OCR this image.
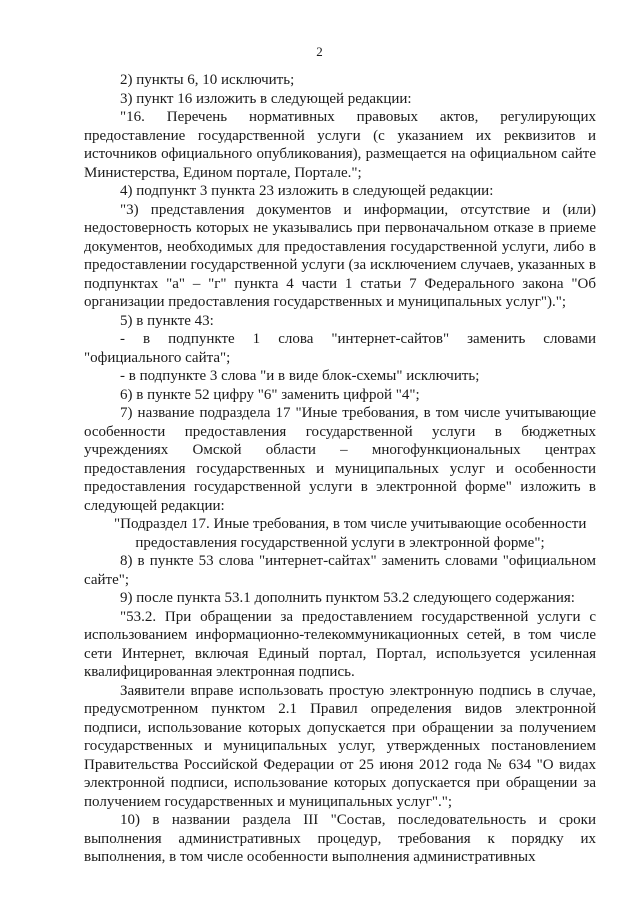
2

2) пункты 6, 10 исключить;

3) пункт 16 изложить в следующей редакции:

"16. Перечень нормативных правовых актов, регулирующих предоставление государственной услуги (с указанием их реквизитов и источников официального опубликования), размещается на официальном сайте Министерства, Едином портале, Портале.";

4) подпункт 3 пункта 23 изложить в следующей редакции:

"3) представления документов и информации, отсутствие и (или) недостоверность которых не указывались при первоначальном отказе в приеме документов, необходимых для предоставления государственной услуги, либо в предоставлении государственной услуги (за исключением случаев, указанных в подпунктах "а" – "г" пункта 4 части 1 статьи 7 Федерального закона "Об организации предоставления государственных и муниципальных услуг").";

5) в пункте 43:

- в подпункте 1 слова "интернет-сайтов" заменить словами "официального сайта";

- в подпункте 3 слова "и в виде блок-схемы" исключить;

6) в пункте 52 цифру "6" заменить цифрой "4";

7) название подраздела 17 "Иные требования, в том числе учитывающие особенности предоставления государственной услуги в бюджетных учреждениях Омской области – многофункциональных центрах предоставления государственных и муниципальных услуг и особенности предоставления государственной услуги в электронной форме" изложить в следующей редакции:

"Подраздел 17. Иные требования, в том числе учитывающие особенности

предоставления государственной услуги в электронной форме";

8) в пункте 53 слова "интернет-сайтах" заменить словами "официальном сайте";

9) после пункта 53.1 дополнить пунктом 53.2 следующего содержания:

"53.2. При обращении за предоставлением государственной услуги с использованием информационно-телекоммуникационных сетей, в том числе сети Интернет, включая Единый портал, Портал, используется усиленная квалифицированная электронная подпись.

Заявители вправе использовать простую электронную подпись в случае, предусмотренном пунктом 2.1 Правил определения видов электронной подписи, использование которых допускается при обращении за получением государственных и муниципальных услуг, утвержденных постановлением Правительства Российской Федерации от 25 июня 2012 года № 634 "О видах электронной подписи, использование которых допускается при обращении за получением государственных и муниципальных услуг".";

10) в названии раздела III "Состав, последовательность и сроки выполнения административных процедур, требования к порядку их выполнения, в том числе особенности выполнения административных
